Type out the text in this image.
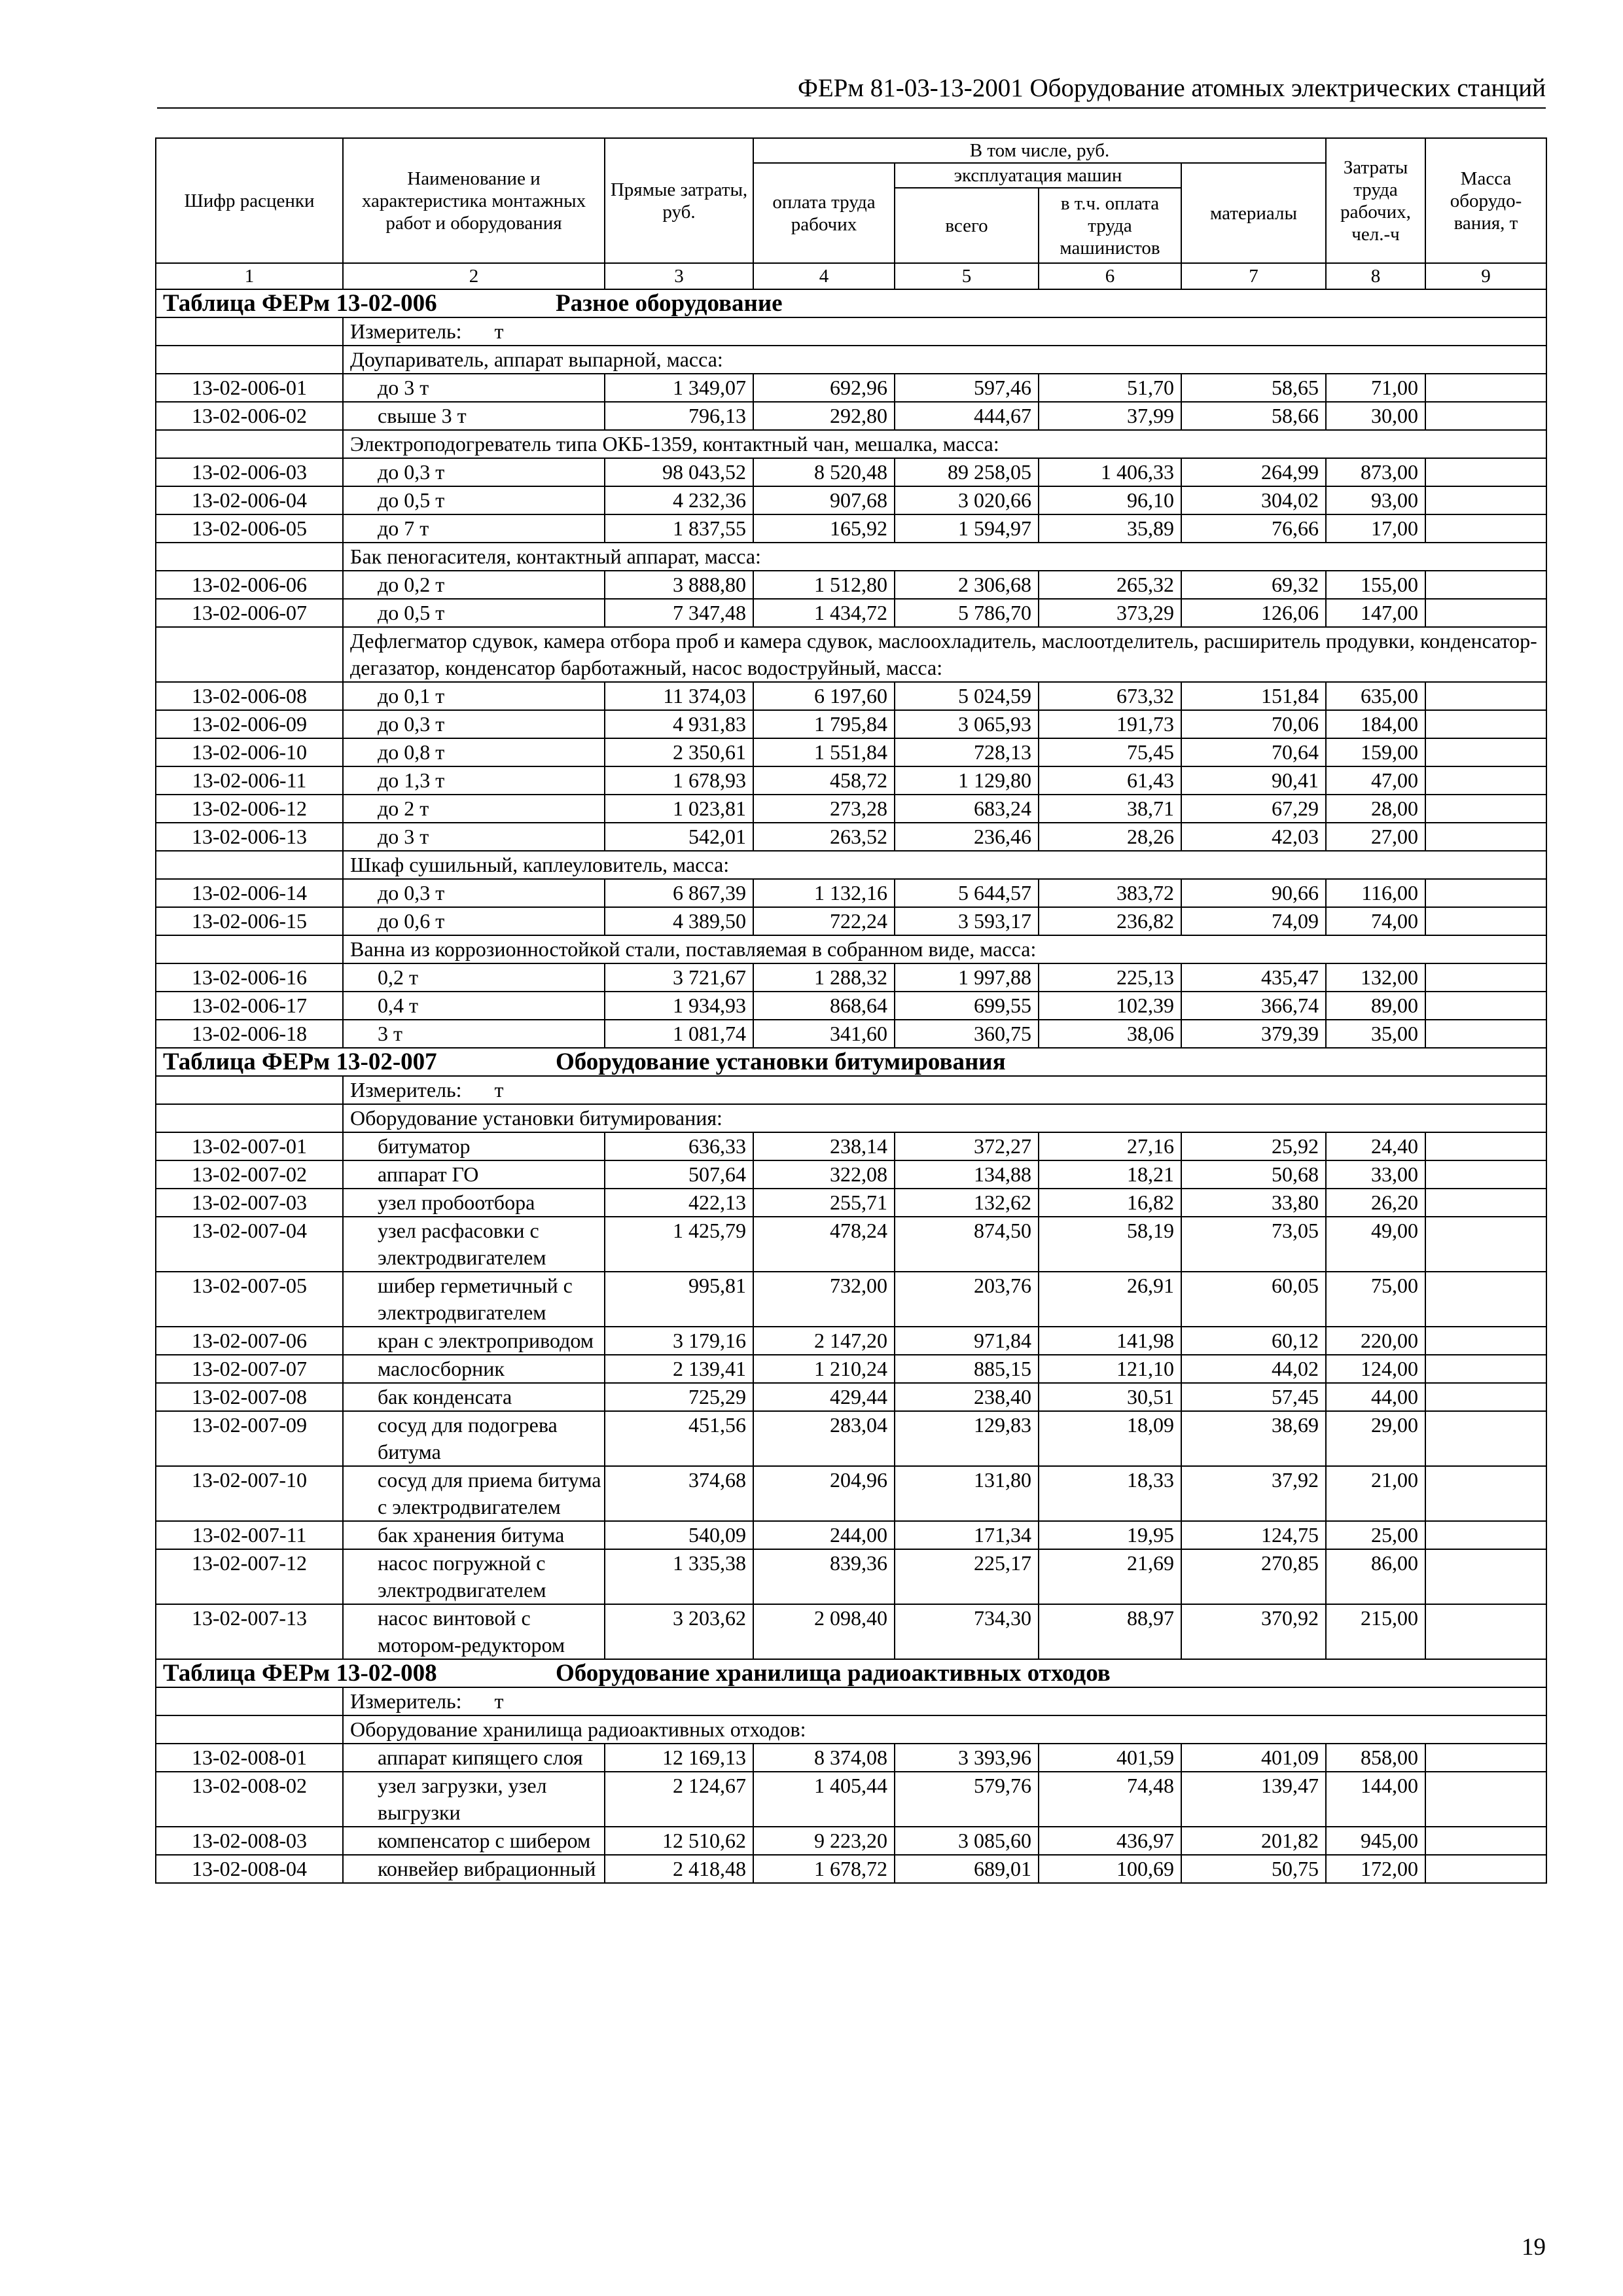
ФЕРм 81-03-13-2001 Оборудование атомных электрических станций
Шифр расценки	Наименование и характеристика монтажных работ и оборудования	Прямые затраты, руб.	В том числе, руб.				Затраты труда рабочих, чел.-ч	Масса оборудо-вания, т
			оплата труда рабочих	эксплуатация машин		материалы		
				всего	в т.ч. оплата труда машинистов			
1	2	3	4	5	6	7	8	9
Таблица ФЕРм 13-02-006 Разное оборудование								
	Измеритель: т							
	Доупариватель, аппарат выпарной, масса:							
13-02-006-01	до 3 т	1 349,07	692,96	597,46	51,70	58,65	71,00	
13-02-006-02	свыше 3 т	796,13	292,80	444,67	37,99	58,66	30,00	
	Электроподогреватель типа ОКБ-1359, контактный чан, мешалка, масса:							
13-02-006-03	до 0,3 т	98 043,52	8 520,48	89 258,05	1 406,33	264,99	873,00	
13-02-006-04	до 0,5 т	4 232,36	907,68	3 020,66	96,10	304,02	93,00	
13-02-006-05	до 7 т	1 837,55	165,92	1 594,97	35,89	76,66	17,00	
	Бак пеногасителя, контактный аппарат, масса:							
13-02-006-06	до 0,2 т	3 888,80	1 512,80	2 306,68	265,32	69,32	155,00	
13-02-006-07	до 0,5 т	7 347,48	1 434,72	5 786,70	373,29	126,06	147,00	
	Дефлегматор сдувок, камера отбора проб и камера сдувок, маслоохладитель, маслоотделитель, расширитель продувки, конденсатор-дегазатор, конденсатор барботажный, насос водоструйный, масса:							
13-02-006-08	до 0,1 т	11 374,03	6 197,60	5 024,59	673,32	151,84	635,00	
13-02-006-09	до 0,3 т	4 931,83	1 795,84	3 065,93	191,73	70,06	184,00	
13-02-006-10	до 0,8 т	2 350,61	1 551,84	728,13	75,45	70,64	159,00	
13-02-006-11	до 1,3 т	1 678,93	458,72	1 129,80	61,43	90,41	47,00	
13-02-006-12	до 2 т	1 023,81	273,28	683,24	38,71	67,29	28,00	
13-02-006-13	до 3 т	542,01	263,52	236,46	28,26	42,03	27,00	
	Шкаф сушильный, каплеуловитель, масса:							
13-02-006-14	до 0,3 т	6 867,39	1 132,16	5 644,57	383,72	90,66	116,00	
13-02-006-15	до 0,6 т	4 389,50	722,24	3 593,17	236,82	74,09	74,00	
	Ванна из коррозионностойкой стали, поставляемая в собранном виде, масса:							
13-02-006-16	0,2 т	3 721,67	1 288,32	1 997,88	225,13	435,47	132,00	
13-02-006-17	0,4 т	1 934,93	868,64	699,55	102,39	366,74	89,00	
13-02-006-18	3 т	1 081,74	341,60	360,75	38,06	379,39	35,00	
Таблица ФЕРм 13-02-007 Оборудование установки битумирования								
	Измеритель: т							
	Оборудование установки битумирования:							
13-02-007-01	битуматор	636,33	238,14	372,27	27,16	25,92	24,40	
13-02-007-02	аппарат ГО	507,64	322,08	134,88	18,21	50,68	33,00	
13-02-007-03	узел пробоотбора	422,13	255,71	132,62	16,82	33,80	26,20	
13-02-007-04	узел расфасовки с электродвигателем	1 425,79	478,24	874,50	58,19	73,05	49,00	
13-02-007-05	шибер герметичный с электродвигателем	995,81	732,00	203,76	26,91	60,05	75,00	
13-02-007-06	кран с электроприводом	3 179,16	2 147,20	971,84	141,98	60,12	220,00	
13-02-007-07	маслосборник	2 139,41	1 210,24	885,15	121,10	44,02	124,00	
13-02-007-08	бак конденсата	725,29	429,44	238,40	30,51	57,45	44,00	
13-02-007-09	сосуд для подогрева битума	451,56	283,04	129,83	18,09	38,69	29,00	
13-02-007-10	сосуд для приема битума с электродвигателем	374,68	204,96	131,80	18,33	37,92	21,00	
13-02-007-11	бак хранения битума	540,09	244,00	171,34	19,95	124,75	25,00	
13-02-007-12	насос погружной с электродвигателем	1 335,38	839,36	225,17	21,69	270,85	86,00	
13-02-007-13	насос винтовой с мотором-редуктором	3 203,62	2 098,40	734,30	88,97	370,92	215,00	
Таблица ФЕРм 13-02-008 Оборудование хранилища радиоактивных отходов								
	Измеритель: т							
	Оборудование хранилища радиоактивных отходов:							
13-02-008-01	аппарат кипящего слоя	12 169,13	8 374,08	3 393,96	401,59	401,09	858,00	
13-02-008-02	узел загрузки, узел выгрузки	2 124,67	1 405,44	579,76	74,48	139,47	144,00	
13-02-008-03	компенсатор с шибером	12 510,62	9 223,20	3 085,60	436,97	201,82	945,00	
13-02-008-04	конвейер вибрационный	2 418,48	1 678,72	689,01	100,69	50,75	172,00	
19
